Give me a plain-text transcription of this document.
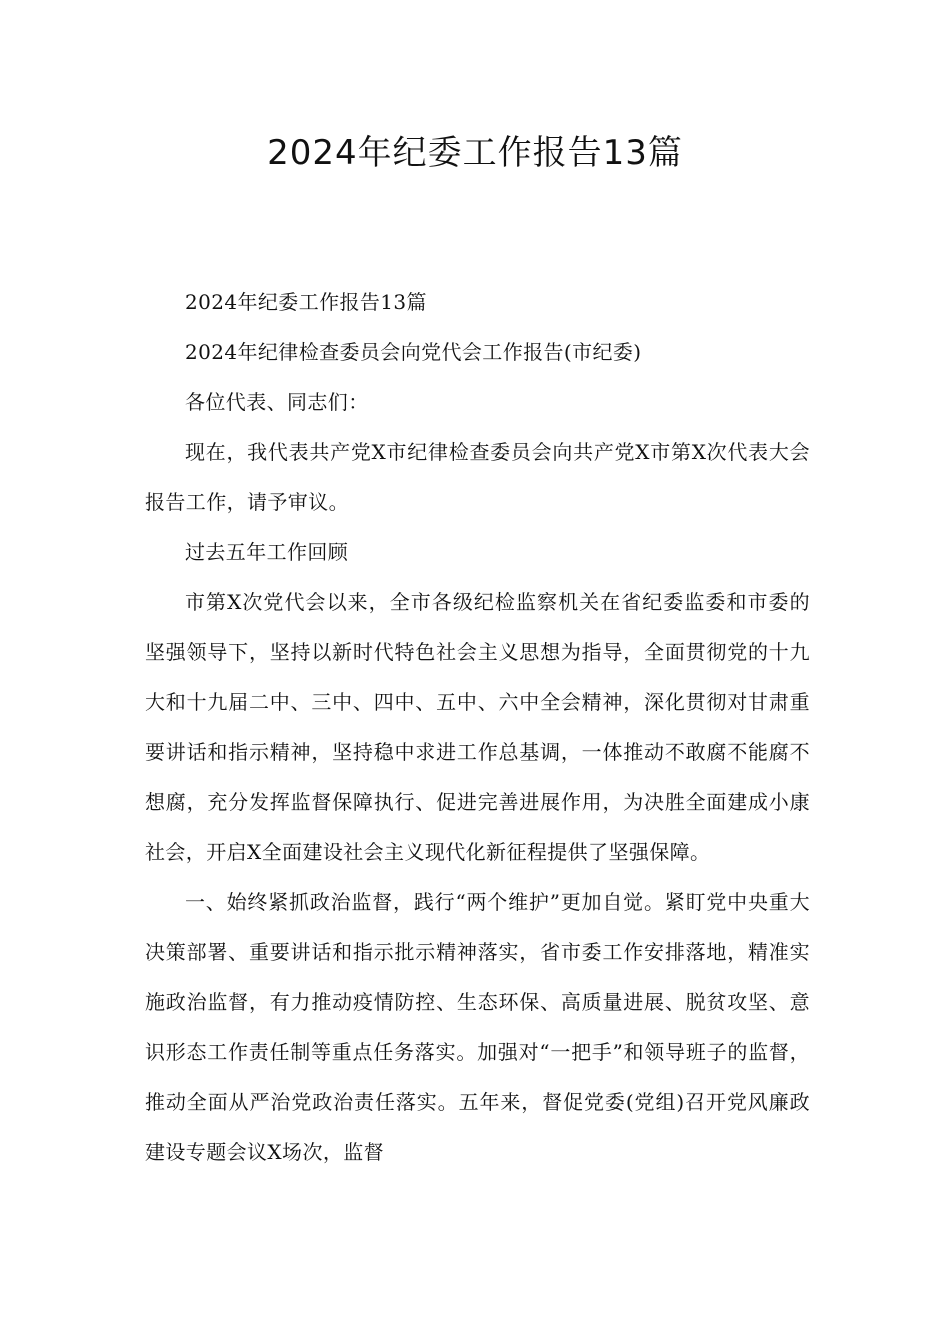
2024年纪委工作报告13篇

2024年纪委工作报告13篇

2024年纪律检查委员会向党代会工作报告(市纪委)

各位代表、同志们：

现在，我代表共产党X市纪律检查委员会向共产党X市第X次代表大会报告工作，请予审议。

过去五年工作回顾

市第X次党代会以来，全市各级纪检监察机关在省纪委监委和市委的坚强领导下，坚持以新时代特色社会主义思想为指导，全面贯彻党的十九大和十九届二中、三中、四中、五中、六中全会精神，深化贯彻对甘肃重要讲话和指示精神，坚持稳中求进工作总基调，一体推动不敢腐不能腐不想腐，充分发挥监督保障执行、促进完善进展作用，为决胜全面建成小康社会，开启X全面建设社会主义现代化新征程提供了坚强保障。

一、始终紧抓政治监督，践行“两个维护”更加自觉。紧盯党中央重大决策部署、重要讲话和指示批示精神落实，省市委工作安排落地，精准实施政治监督，有力推动疫情防控、生态环保、高质量进展、脱贫攻坚、意识形态工作责任制等重点任务落实。加强对“一把手”和领导班子的监督，推动全面从严治党政治责任落实。五年来，督促党委(党组)召开党风廉政建设专题会议X场次，监督
